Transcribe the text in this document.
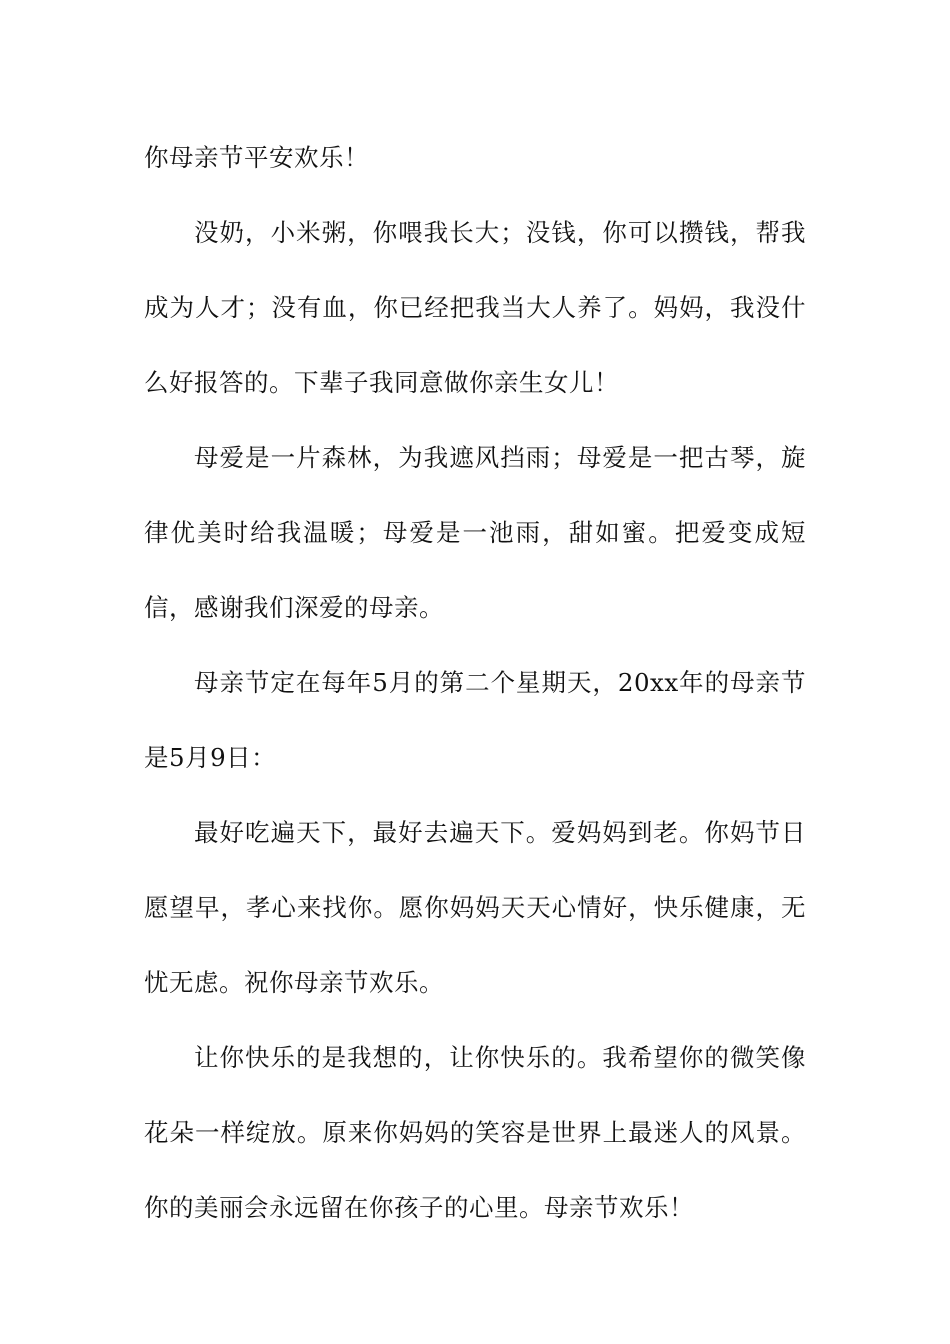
你母亲节平安欢乐！

没奶，小米粥，你喂我长大；没钱，你可以攒钱，帮我成为人才；没有血，你已经把我当大人养了。妈妈，我没什么好报答的。下辈子我同意做你亲生女儿！

母爱是一片森林，为我遮风挡雨；母爱是一把古琴，旋律优美时给我温暖；母爱是一池雨，甜如蜜。把爱变成短信，感谢我们深爱的母亲。

母亲节定在每年5月的第二个星期天，20xx年的母亲节是5月9日：

最好吃遍天下，最好去遍天下。爱妈妈到老。你妈节日愿望早，孝心来找你。愿你妈妈天天心情好，快乐健康，无忧无虑。祝你母亲节欢乐。

让你快乐的是我想的，让你快乐的。我希望你的微笑像花朵一样绽放。原来你妈妈的笑容是世界上最迷人的风景。你的美丽会永远留在你孩子的心里。母亲节欢乐！
